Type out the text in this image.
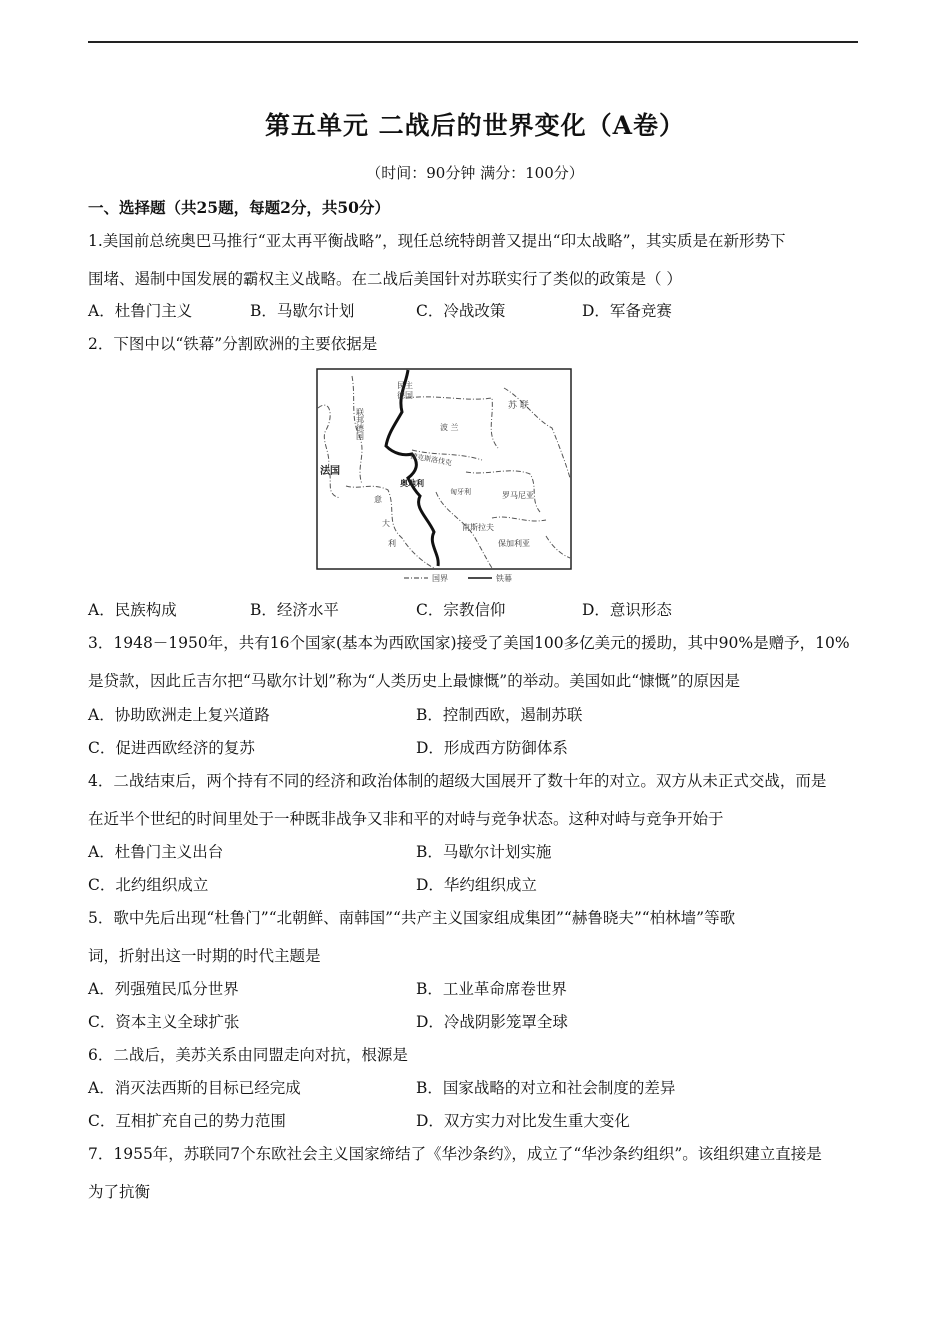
第五单元 二战后的世界变化（A卷）
（时间：90分钟 满分：100分）
一、选择题（共25题，每题2分，共50分）
1.美国前总统奥巴马推行“亚太再平衡战略”，现任总统特朗普又提出“印太战略”，其实质是在新形势下
围堵、遏制中国发展的霸权主义战略。在二战后美国针对苏联实行了类似的政策是（ ）
A．杜鲁门主义	B．马歇尔计划	C．冷战改策	D．军备竞赛
2．下图中以“铁幕”分割欧洲的主要依据是
苏 联
民主
德国
联邦德国	波 兰
捷克斯洛伐克
法国
奥地利
匈牙利	罗马尼亚
南斯拉夫
保加利亚
意
大
利
国界	铁幕
A．民族构成	B．经济水平	C．宗教信仰	D．意识形态
3．1948－1950年，共有16个国家(基本为西欧国家)接受了美国100多亿美元的援助，其中90%是赠予，10%
是贷款，因此丘吉尔把“马歇尔计划”称为“人类历史上最慷慨”的举动。美国如此“慷慨”的原因是
A．协助欧洲走上复兴道路	B．控制西欧，遏制苏联
C．促进西欧经济的复苏	D．形成西方防御体系
4．二战结束后，两个持有不同的经济和政治体制的超级大国展开了数十年的对立。双方从未正式交战，而是
在近半个世纪的时间里处于一种既非战争又非和平的对峙与竞争状态。这种对峙与竞争开始于
A．杜鲁门主义出台	B．马歇尔计划实施
C．北约组织成立	D．华约组织成立
5．歌中先后出现“杜鲁门”“北朝鲜、南韩国”“共产主义国家组成集团”“赫鲁晓夫”“柏林墙”等歌
词，折射出这一时期的时代主题是
A．列强殖民瓜分世界	B．工业革命席卷世界
C．资本主义全球扩张	D．冷战阴影笼罩全球
6．二战后，美苏关系由同盟走向对抗，根源是
A．消灭法西斯的目标已经完成	B．国家战略的对立和社会制度的差异
C．互相扩充自己的势力范围	D．双方实力对比发生重大变化
7．1955年，苏联同7个东欧社会主义国家缔结了《华沙条约》，成立了“华沙条约组织”。该组织建立直接是
为了抗衡
